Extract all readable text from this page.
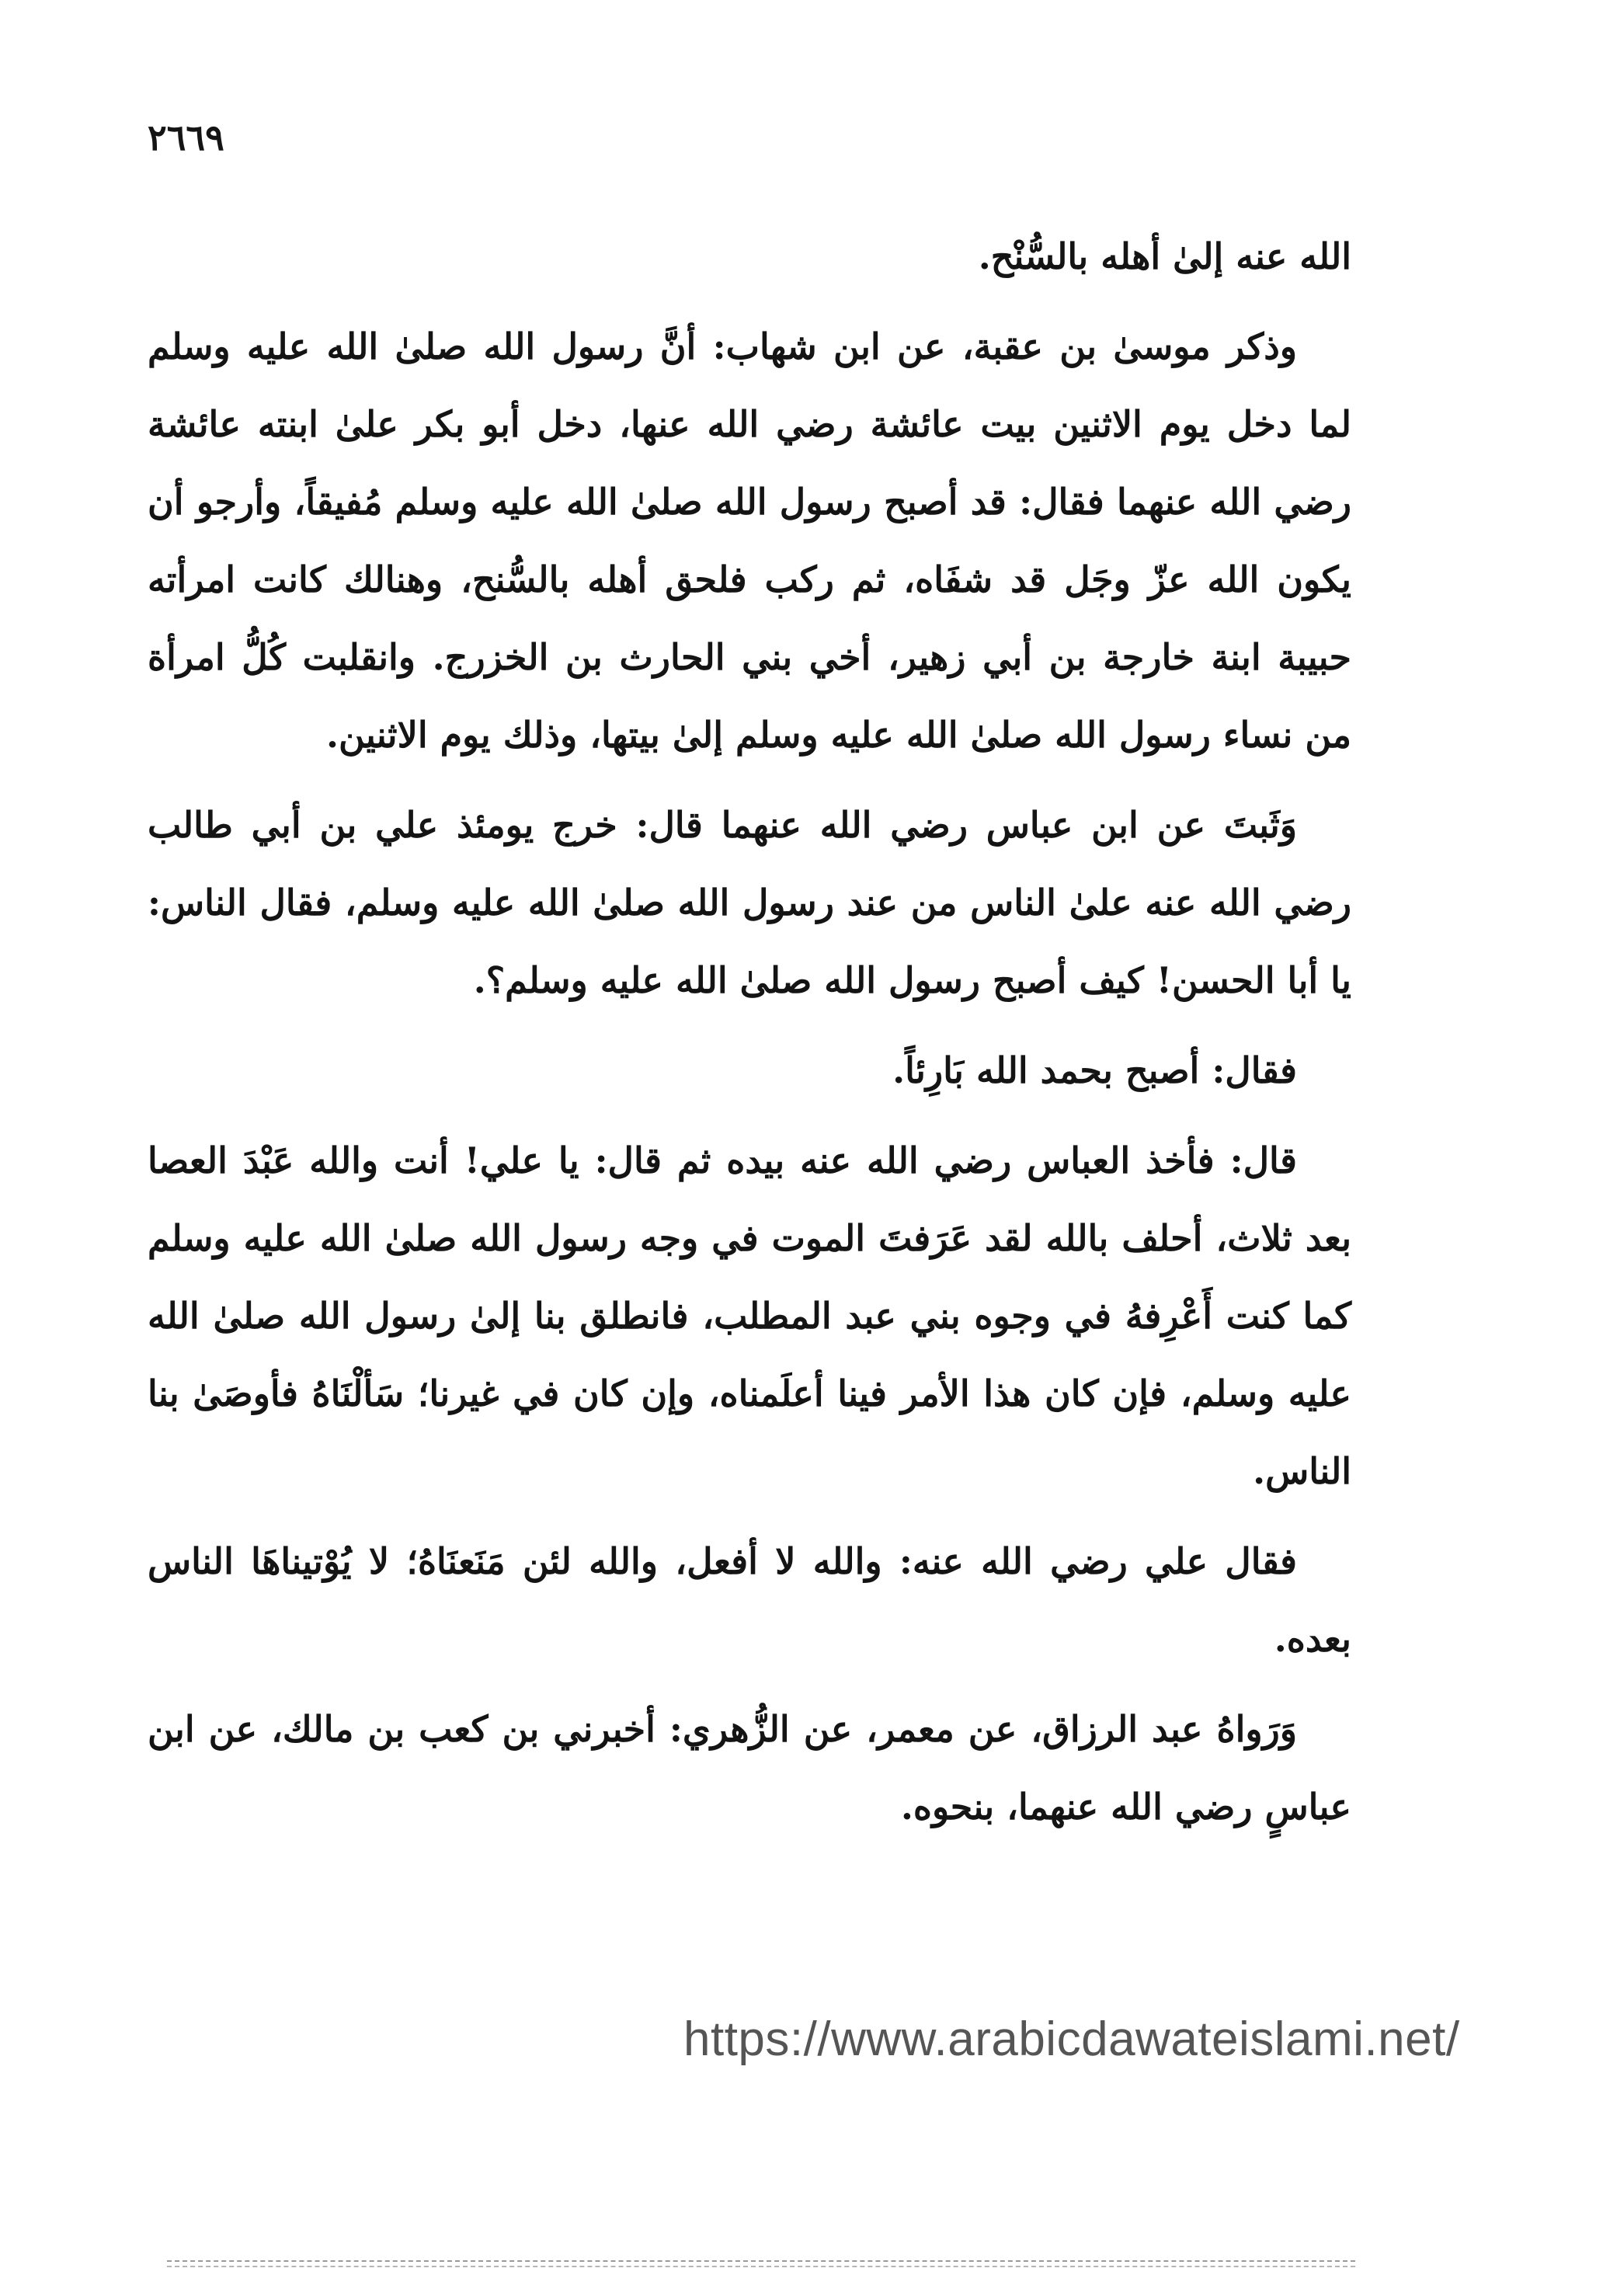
٢٦٦٩

الله عنه إلىٰ أهله بالسُّنْح.

وذكر موسىٰ بن عقبة، عن ابن شهاب: أنَّ رسول الله صلىٰ الله عليه وسلم لما دخل يوم الاثنين بيت عائشة رضي الله عنها، دخل أبو بكر علىٰ ابنته عائشة رضي الله عنهما فقال: قد أصبح رسول الله صلىٰ الله عليه وسلم مُفيقاً، وأرجو أن يكون الله عزّ وجَل قد شفَاه، ثم ركب فلحق أهله بالسُّنح، وهنالك كانت امرأته حبيبة ابنة خارجة بن أبي زهير، أخي بني الحارث بن الخزرج. وانقلبت كُلُّ امرأة من نساء رسول الله صلىٰ الله عليه وسلم إلىٰ بيتها، وذلك يوم الاثنين.

وَثَبتَ عن ابن عباس رضي الله عنهما قال: خرج يومئذ علي بن أبي طالب رضي الله عنه علىٰ الناس من عند رسول الله صلىٰ الله عليه وسلم، فقال الناس: يا أبا الحسن! كيف أصبح رسول الله صلىٰ الله عليه وسلم؟.

فقال: أصبح بحمد الله بَارِئاً.

قال: فأخذ العباس رضي الله عنه بيده ثم قال: يا علي! أنت والله عَبْدَ العصا بعد ثلاث، أحلف بالله لقد عَرَفتَ الموت في وجه رسول الله صلىٰ الله عليه وسلم كما كنت أَعْرِفهُ في وجوه بني عبد المطلب، فانطلق بنا إلىٰ رسول الله صلىٰ الله عليه وسلم، فإن كان هذا الأمر فينا أعلَمناه، وإن كان في غيرنا؛ سَألْنَاهُ فأوصَىٰ بنا الناس.

فقال علي رضي الله عنه: والله لا أفعل، والله لئن مَنَعنَاهُ؛ لا يُوْتيناهَا الناس بعده.

وَرَواهُ عبد الرزاق، عن معمر، عن الزُّهري: أخبرني بن كعب بن مالك، عن ابن عباسٍ رضي الله عنهما، بنحوه.

https://www.arabicdawateislami.net/
